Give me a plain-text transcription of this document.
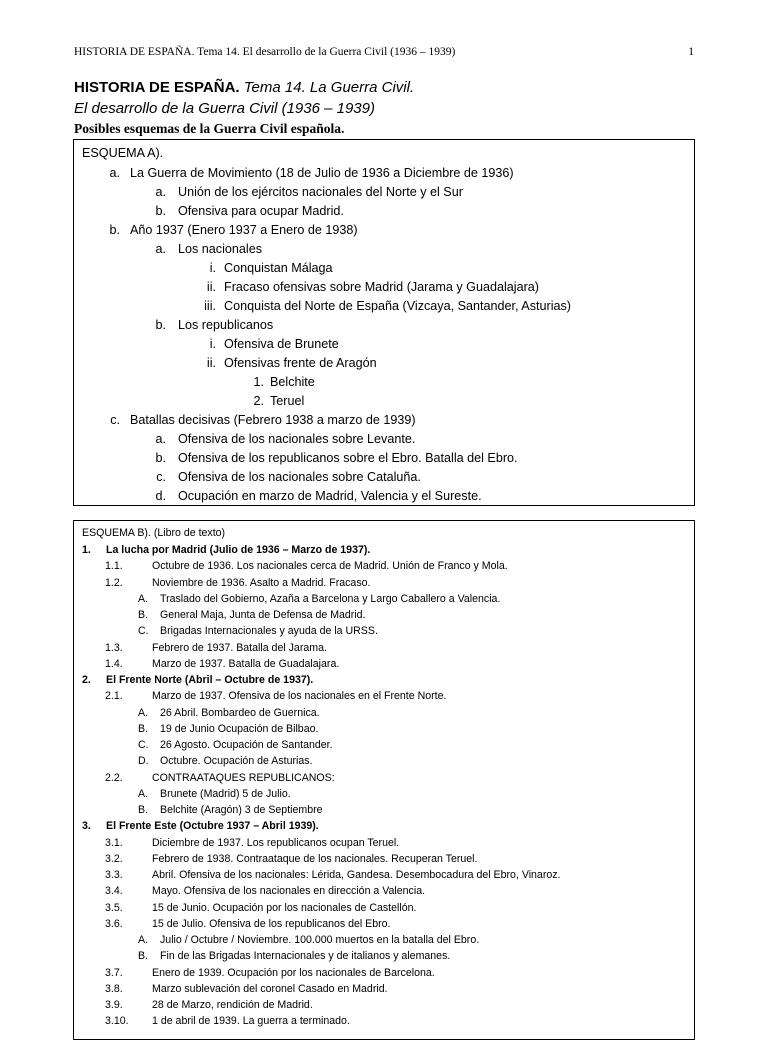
HISTORIA DE ESPAÑA. Tema 14. El desarrollo de la Guerra Civil (1936 – 1939)	1
HISTORIA DE ESPAÑA. Tema 14. La Guerra Civil.
El desarrollo de la Guerra Civil (1936 – 1939)
Posibles esquemas de la Guerra Civil española.
ESQUEMA A).
a. La Guerra de Movimiento (18 de Julio de 1936 a Diciembre de 1936)
a. Unión de los ejércitos nacionales del Norte y el Sur
b. Ofensiva para ocupar Madrid.
b. Año 1937 (Enero 1937 a Enero de 1938)
a. Los nacionales
i. Conquistan Málaga
ii. Fracaso ofensivas sobre Madrid (Jarama y Guadalajara)
iii. Conquista del Norte de España (Vizcaya, Santander, Asturias)
b. Los republicanos
i. Ofensiva de Brunete
ii. Ofensivas frente de Aragón
1. Belchite
2. Teruel
c. Batallas decisivas (Febrero 1938 a marzo de 1939)
a. Ofensiva de los nacionales sobre Levante.
b. Ofensiva de los republicanos sobre el Ebro. Batalla del Ebro.
c. Ofensiva de los nacionales sobre Cataluña.
d. Ocupación en marzo de Madrid, Valencia y el Sureste.
ESQUEMA B). (Libro de texto)
1. La lucha por Madrid (Julio de 1936 – Marzo de 1937).
1.1.	Octubre de 1936. Los nacionales cerca de Madrid. Unión de Franco y Mola.
1.2.	Noviembre de 1936. Asalto a Madrid. Fracaso.
A. Traslado del Gobierno, Azaña a Barcelona y Largo Caballero a Valencia.
B. General Maja, Junta de Defensa de Madrid.
C. Brigadas Internacionales y ayuda de la URSS.
1.3.	Febrero de 1937. Batalla del Jarama.
1.4.	Marzo de 1937. Batalla de Guadalajara.
2. El Frente Norte (Abril – Octubre de 1937).
2.1.	Marzo de 1937. Ofensiva de los nacionales en el Frente Norte.
A. 26 Abril. Bombardeo de Guernica.
B. 19 de Junio Ocupación de Bilbao.
C. 26 Agosto. Ocupación de Santander.
D. Octubre. Ocupación de Asturias.
2.2.	CONTRAATAQUES REPUBLICANOS:
A. Brunete (Madrid) 5 de Julio.
B. Belchite (Aragón) 3 de Septiembre
3. El Frente Este (Octubre 1937 – Abril 1939).
3.1.	Diciembre de 1937. Los republicanos ocupan Teruel.
3.2.	Febrero de 1938. Contraataque de los nacionales. Recuperan Teruel.
3.3.	Abril. Ofensiva de los nacionales: Lérida, Gandesa. Desembocadura del Ebro, Vinaroz.
3.4.	Mayo. Ofensiva de los nacionales en dirección a Valencia.
3.5.	15 de Junio. Ocupación por los nacionales de Castellón.
3.6.	15 de Julio. Ofensiva de los republicanos del Ebro.
A. Julio / Octubre / Noviembre. 100.000 muertos en la batalla del Ebro.
B. Fin de las Brigadas Internacionales y de italianos y alemanes.
3.7.	Enero de 1939. Ocupación por los nacionales de Barcelona.
3.8.	Marzo sublevación del coronel Casado en Madrid.
3.9.	28 de Marzo, rendición de Madrid.
3.10. 1 de abril de 1939. La guerra a terminado.
